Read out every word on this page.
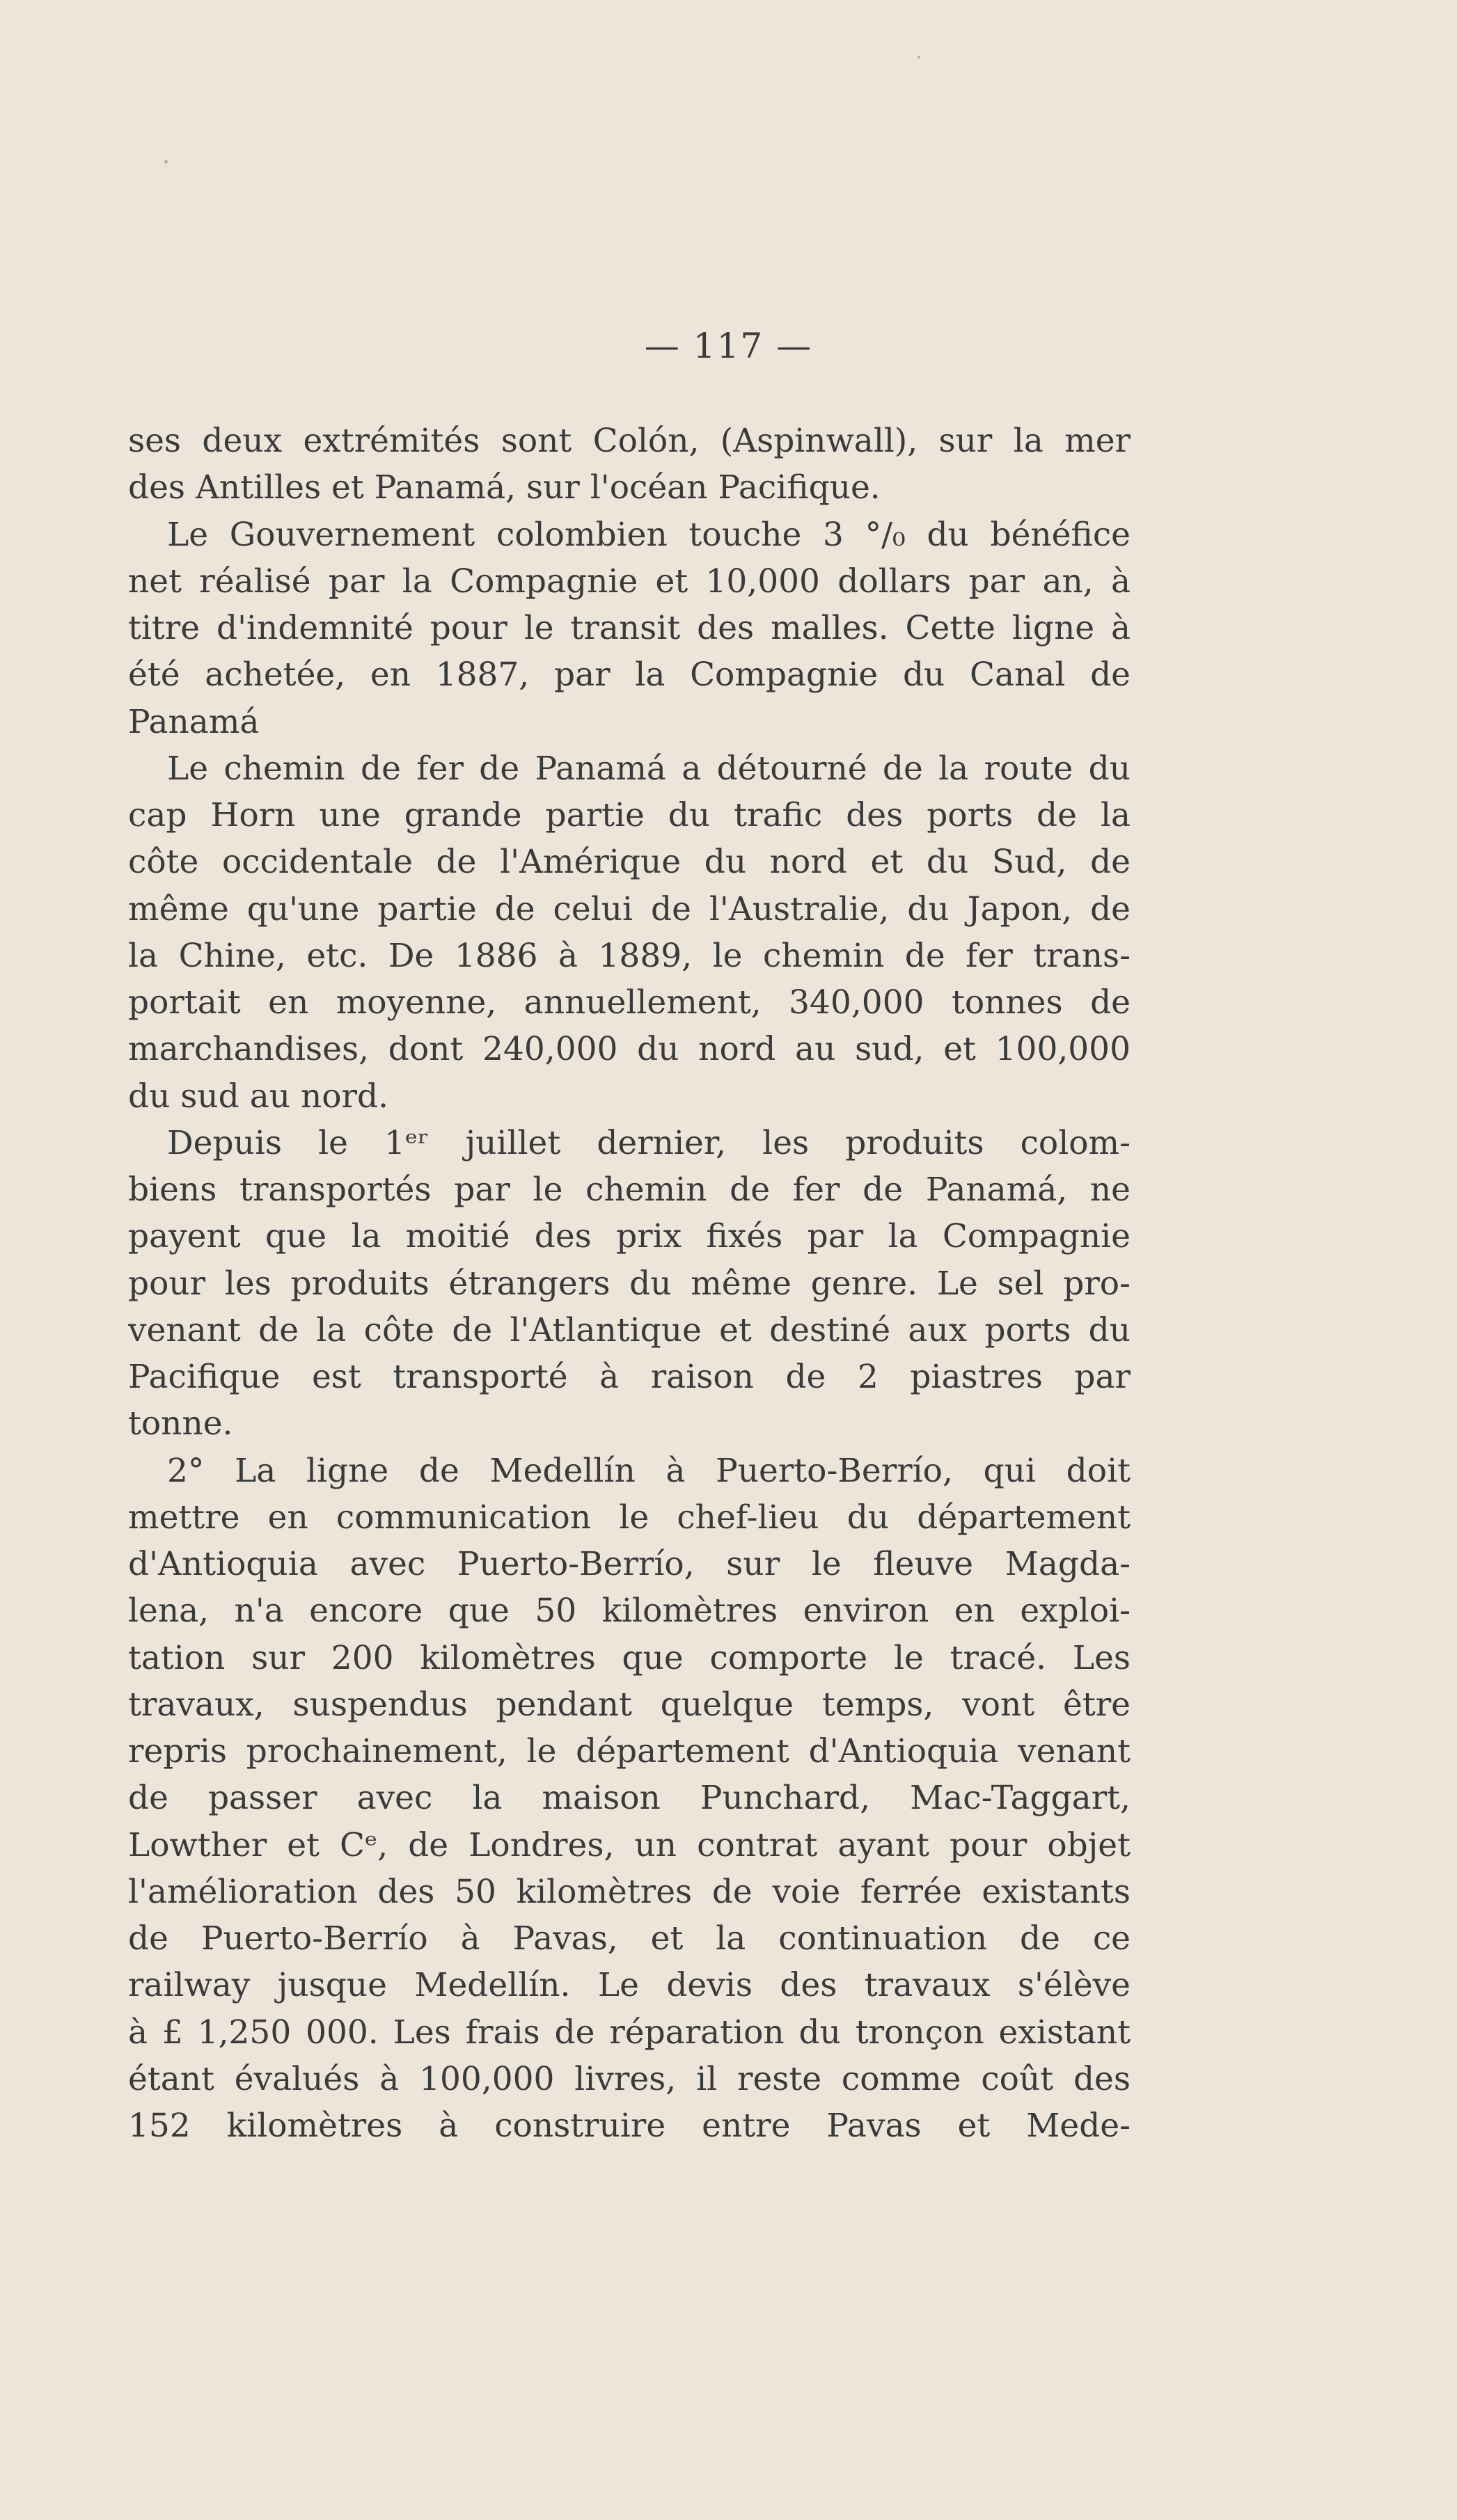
— 117 —
ses deux extrémités sont Colón, (Aspinwall), sur la mer
des Antilles et Panamá, sur l'océan Pacifique.
Le Gouvernement colombien touche 3 °/₀ du bénéfice
net réalisé par la Compagnie et 10,000 dollars par an, à
titre d'indemnité pour le transit des malles. Cette ligne à
été achetée, en 1887, par la Compagnie du Canal de
Panamá
Le chemin de fer de Panamá a détourné de la route du
cap Horn une grande partie du trafic des ports de la
côte occidentale de l'Amérique du nord et du Sud, de
même qu'une partie de celui de l'Australie, du Japon, de
la Chine, etc. De 1886 à 1889, le chemin de fer trans-
portait en moyenne, annuellement, 340,000 tonnes de
marchandises, dont 240,000 du nord au sud, et 100,000
du sud au nord.
Depuis le 1ᵉʳ juillet dernier, les produits colom-
biens transportés par le chemin de fer de Panamá, ne
payent que la moitié des prix fixés par la Compagnie
pour les produits étrangers du même genre. Le sel pro-
venant de la côte de l'Atlantique et destiné aux ports du
Pacifique est transporté à raison de 2 piastres par
tonne.
2° La ligne de Medellín à Puerto-Berrío, qui doit
mettre en communication le chef-lieu du département
d'Antioquia avec Puerto-Berrío, sur le fleuve Magda-
lena, n'a encore que 50 kilomètres environ en exploi-
tation sur 200 kilomètres que comporte le tracé. Les
travaux, suspendus pendant quelque temps, vont être
repris prochainement, le département d'Antioquia venant
de passer avec la maison Punchard, Mac-Taggart,
Lowther et Cᵉ, de Londres, un contrat ayant pour objet
l'amélioration des 50 kilomètres de voie ferrée existants
de Puerto-Berrío à Pavas, et la continuation de ce
railway jusque Medellín. Le devis des travaux s'élève
à £ 1,250 000. Les frais de réparation du tronçon existant
étant évalués à 100,000 livres, il reste comme coût des
152 kilomètres à construire entre Pavas et Mede-
